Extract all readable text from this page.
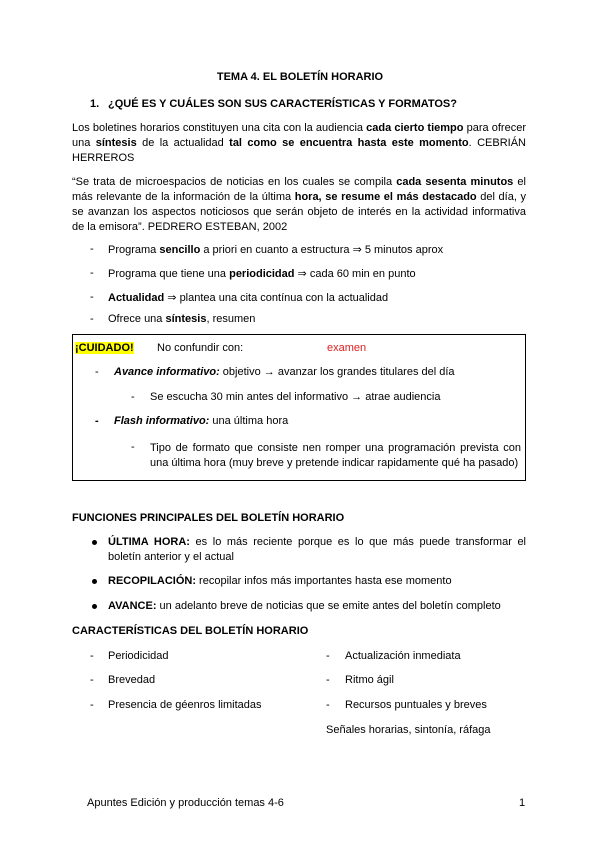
TEMA 4. EL BOLETÍN HORARIO
1. ¿QUÉ ES Y CUÁLES SON SUS CARACTERÍSTICAS Y FORMATOS?
Los boletines horarios constituyen una cita con la audiencia cada cierto tiempo para ofrecer una síntesis de la actualidad tal como se encuentra hasta este momento. CEBRIÁN HERREROS
“Se trata de microespacios de noticias en los cuales se compila cada sesenta minutos el más relevante de la información de la última hora, se resume el más destacado del día, y se avanzan los aspectos noticiosos que serán objeto de interés en la actividad informativa de la emisora”. PEDRERO ESTEBAN, 2002
-	Programa sencillo a priori en cuanto a estructura ⇒ 5 minutos aprox
-	Programa que tiene una periodicidad ⇒ cada 60 min en punto
-	Actualidad ⇒ plantea una cita contínua con la actualidad
-	Ofrece una síntesis, resumen
¡CUIDADO! No confundir con:	examen
-	Avance informativo: objetivo → avanzar los grandes titulares del día
-	Se escucha 30 min antes del informativo → atrae audiencia
-	Flash informativo: una última hora
-	Tipo de formato que consiste nen romper una programación prevista con una última hora (muy breve y pretende indicar rapidamente qué ha pasado)
FUNCIONES PRINCIPALES DEL BOLETÍN HORARIO
ÚLTIMA HORA: es lo más reciente porque es lo que más puede transformar el boletín anterior y el actual
RECOPILACIÓN: recopilar infos más importantes hasta ese momento
AVANCE: un adelanto breve de noticias que se emite antes del boletín completo
CARACTERÍSTICAS DEL BOLETÍN HORARIO
-	Periodicidad
-	Brevedad
-	Presencia de géenros limitadas
-	Actualización inmediata
-	Ritmo ágil
-	Recursos puntuales y breves
Señales horarias, sintonía, ráfaga
Apuntes Edición y producción temas 4-6	1
